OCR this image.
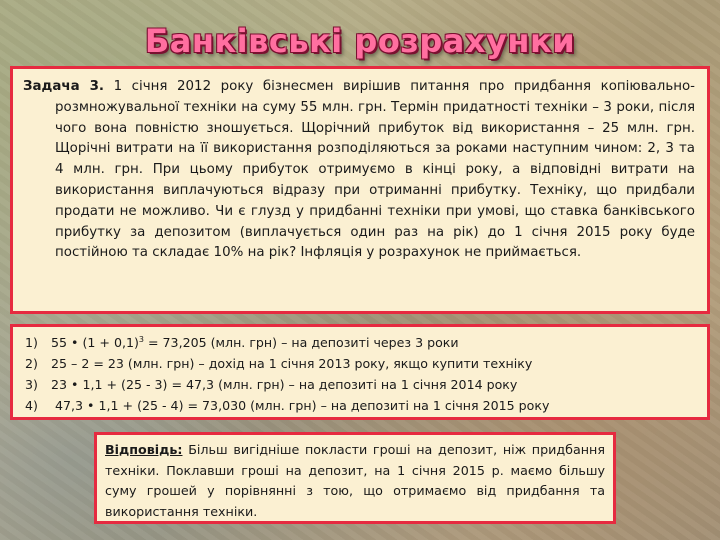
Банківські розрахунки

Задача 3. 1 січня 2012 року бізнесмен вирішив питання про придбання копіювально-розмножувальної техніки на суму 55 млн. грн. Термін придатності техніки – 3 роки, після чого вона повністю зношується. Щорічний прибуток від використання – 25 млн. грн. Щорічні витрати на її використання розподіляються за роками наступним чином: 2, 3 та 4 млн. грн. При цьому прибуток отримуємо в кінці року, а відповідні витрати на використання виплачуються відразу при отриманні прибутку. Техніку, що придбали продати не можливо. Чи є глузд у придбанні техніки при умові, що ставка банківського прибутку за депозитом (виплачується один раз на рік) до 1 січня 2015 року буде постійною та складає 10% на рік? Інфляція у розрахунок не приймається.

1) 55 • $(1 + 0,1)^3 = 73,205$ (млн. грн) – на депозиті через 3 роки
2) 25 – 2 = 23 (млн. грн) – дохід на 1 січня 2013 року, якщо купити техніку
3) 23 • 1,1 + (25 - 3) = 47,3 (млн. грн) – на депозиті на 1 січня 2014 року
4) 47,3 • 1,1 + (25 - 4) = 73,030 (млн. грн) – на депозиті на 1 січня 2015 року

Відповідь: Більш вигідніше покласти гроші на депозит, ніж придбання техніки. Поклавши гроші на депозит, на 1 січня 2015 р. маємо більшу суму грошей у порівнянні з тою, що отримаємо від придбання та використання техніки.
